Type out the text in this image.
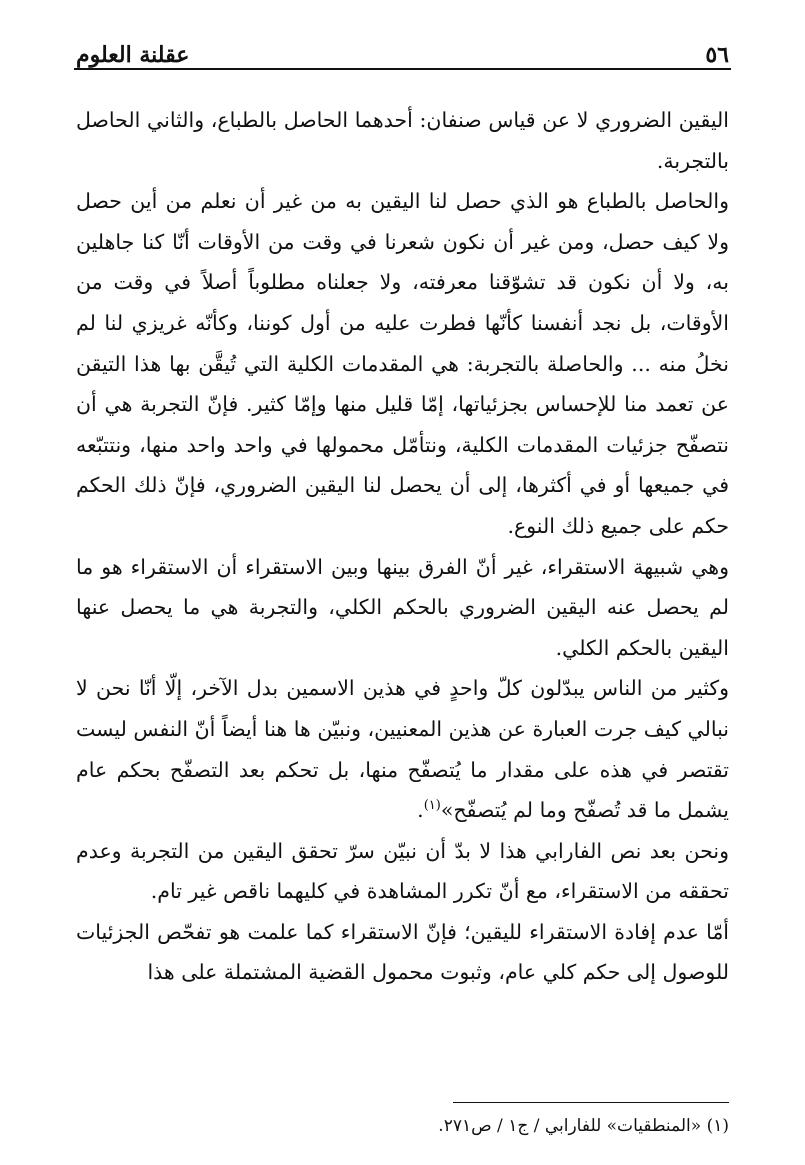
٥٦
عقلنة العلوم

اليقين الضروري لا عن قياس صنفان: أحدهما الحاصل بالطباع، والثاني الحاصل بالتجربة.

والحاصل بالطباع هو الذي حصل لنا اليقين به من غير أن نعلم من أين حصل ولا كيف حصل، ومن غير أن نكون شعرنا في وقت من الأوقات أنّا كنا جاهلين به، ولا أن نكون قد تشوّقنا معرفته، ولا جعلناه مطلوباً أصلاً في وقت من الأوقات، بل نجد أنفسنا كأنّها فطرت عليه من أول كوننا، وكأنّه غريزي لنا لم نخلُ منه ... والحاصلة بالتجربة: هي المقدمات الكلية التي تُيقَّن بها هذا التيقن عن تعمد منا للإحساس بجزئياتها، إمّا قليل منها وإمّا كثير. فإنّ التجربة هي أن نتصفّح جزئيات المقدمات الكلية، ونتأمّل محمولها في واحد واحد منها، ونتتبّعه في جميعها أو في أكثرها، إلى أن يحصل لنا اليقين الضروري، فإنّ ذلك الحكم حكم على جميع ذلك النوع.

وهي شبيهة الاستقراء، غير أنّ الفرق بينها وبين الاستقراء أن الاستقراء هو ما لم يحصل عنه اليقين الضروري بالحكم الكلي، والتجربة هي ما يحصل عنها اليقين بالحكم الكلي.

وكثير من الناس يبدّلون كلّ واحدٍ في هذين الاسمين بدل الآخر، إلّا أنّا نحن لا نبالي كيف جرت العبارة عن هذين المعنيين، ونبيّن ها هنا أيضاً أنّ النفس ليست تقتصر في هذه على مقدار ما يُتصفّح منها، بل تحكم بعد التصفّح بحكم عام يشمل ما قد تُصفّح وما لم يُتصفّح»$^{(١)}$.

ونحن بعد نص الفارابي هذا لا بدّ أن نبيّن سرّ تحقق اليقين من التجربة وعدم تحققه من الاستقراء، مع أنّ تكرر المشاهدة في كليهما ناقص غير تام.

أمّا عدم إفادة الاستقراء لليقين؛ فإنّ الاستقراء كما علمت هو تفحّص الجزئيات للوصول إلى حكم كلي عام، وثبوت محمول القضية المشتملة على هذا

(١) «المنطقيات» للفارابي / ج١ / ص٢٧١.
